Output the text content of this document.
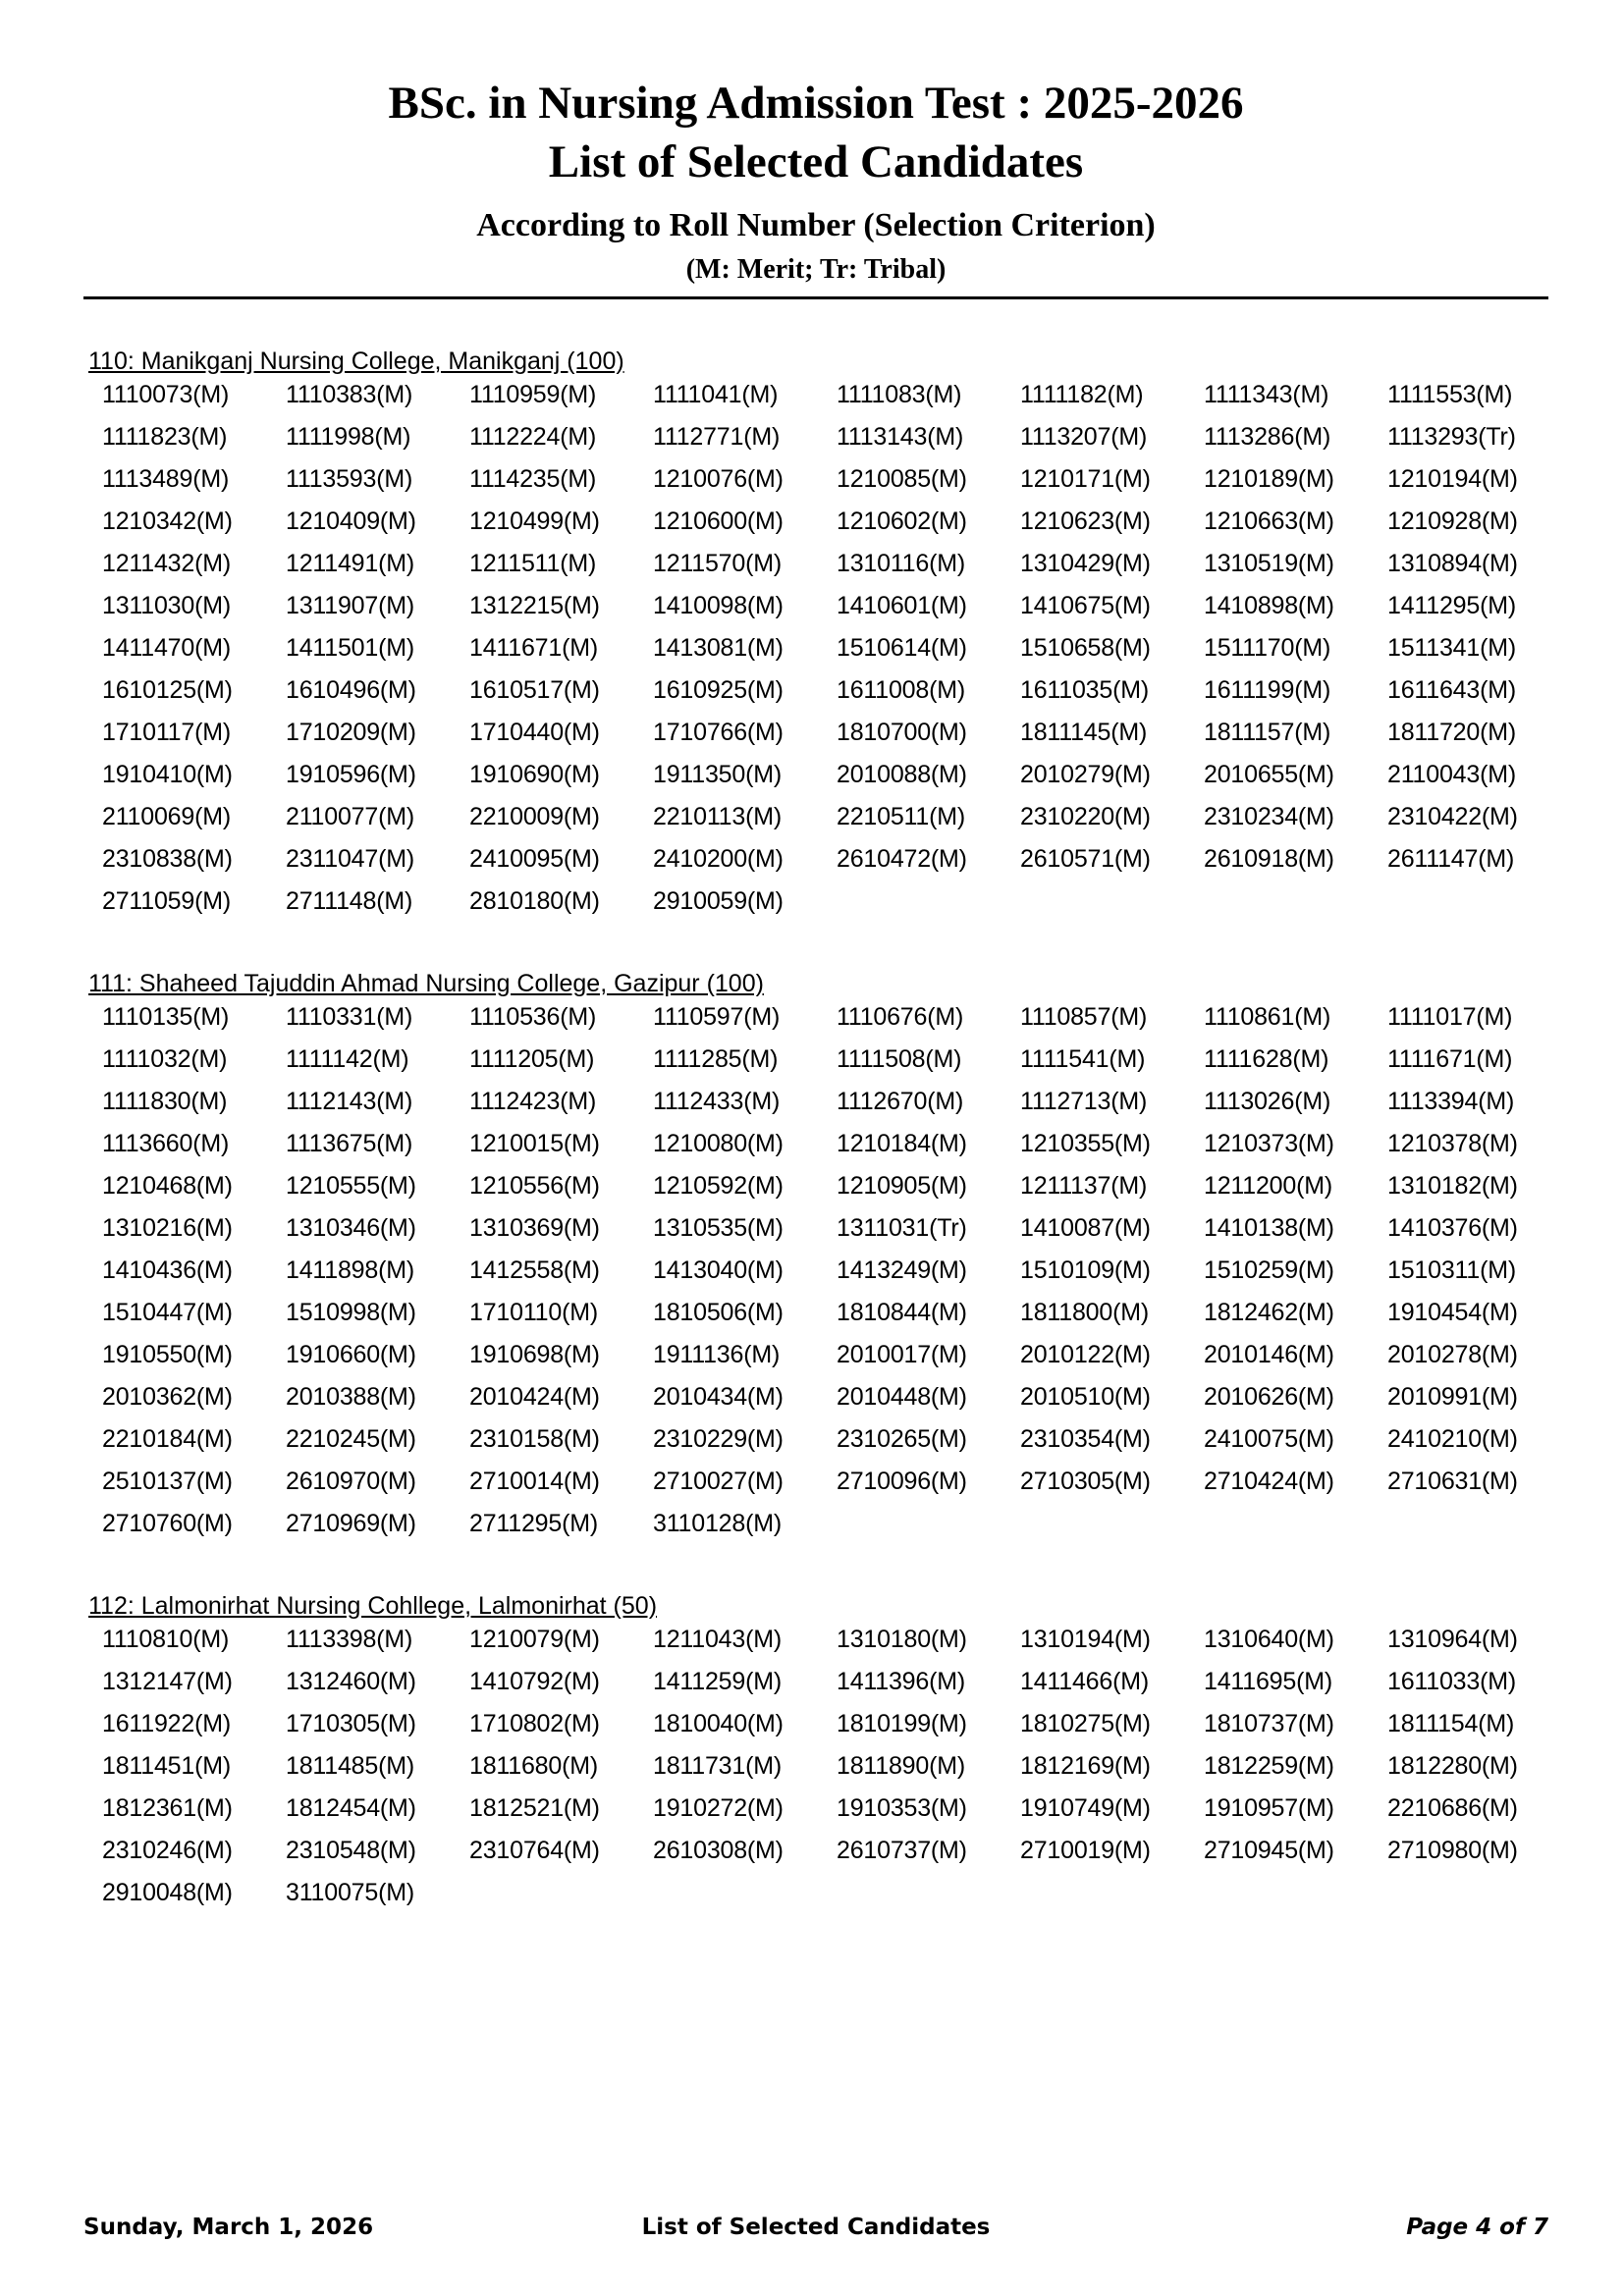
BSc. in Nursing Admission Test : 2025-2026
List of Selected Candidates
According to Roll Number (Selection Criterion)
(M: Merit; Tr: Tribal)
110: Manikganj Nursing College, Manikganj (100)
1110073(M)	1110383(M)	1110959(M)	1111041(M)	1111083(M)	1111182(M)	1111343(M)	1111553(M)
1111823(M)	1111998(M)	1112224(M)	1112771(M)	1113143(M)	1113207(M)	1113286(M)	1113293(Tr)
1113489(M)	1113593(M)	1114235(M)	1210076(M)	1210085(M)	1210171(M)	1210189(M)	1210194(M)
1210342(M)	1210409(M)	1210499(M)	1210600(M)	1210602(M)	1210623(M)	1210663(M)	1210928(M)
1211432(M)	1211491(M)	1211511(M)	1211570(M)	1310116(M)	1310429(M)	1310519(M)	1310894(M)
1311030(M)	1311907(M)	1312215(M)	1410098(M)	1410601(M)	1410675(M)	1410898(M)	1411295(M)
1411470(M)	1411501(M)	1411671(M)	1413081(M)	1510614(M)	1510658(M)	1511170(M)	1511341(M)
1610125(M)	1610496(M)	1610517(M)	1610925(M)	1611008(M)	1611035(M)	1611199(M)	1611643(M)
1710117(M)	1710209(M)	1710440(M)	1710766(M)	1810700(M)	1811145(M)	1811157(M)	1811720(M)
1910410(M)	1910596(M)	1910690(M)	1911350(M)	2010088(M)	2010279(M)	2010655(M)	2110043(M)
2110069(M)	2110077(M)	2210009(M)	2210113(M)	2210511(M)	2310220(M)	2310234(M)	2310422(M)
2310838(M)	2311047(M)	2410095(M)	2410200(M)	2610472(M)	2610571(M)	2610918(M)	2611147(M)
2711059(M)	2711148(M)	2810180(M)	2910059(M)
111: Shaheed Tajuddin Ahmad Nursing College, Gazipur (100)
1110135(M)	1110331(M)	1110536(M)	1110597(M)	1110676(M)	1110857(M)	1110861(M)	1111017(M)
1111032(M)	1111142(M)	1111205(M)	1111285(M)	1111508(M)	1111541(M)	1111628(M)	1111671(M)
1111830(M)	1112143(M)	1112423(M)	1112433(M)	1112670(M)	1112713(M)	1113026(M)	1113394(M)
1113660(M)	1113675(M)	1210015(M)	1210080(M)	1210184(M)	1210355(M)	1210373(M)	1210378(M)
1210468(M)	1210555(M)	1210556(M)	1210592(M)	1210905(M)	1211137(M)	1211200(M)	1310182(M)
1310216(M)	1310346(M)	1310369(M)	1310535(M)	1311031(Tr)	1410087(M)	1410138(M)	1410376(M)
1410436(M)	1411898(M)	1412558(M)	1413040(M)	1413249(M)	1510109(M)	1510259(M)	1510311(M)
1510447(M)	1510998(M)	1710110(M)	1810506(M)	1810844(M)	1811800(M)	1812462(M)	1910454(M)
1910550(M)	1910660(M)	1910698(M)	1911136(M)	2010017(M)	2010122(M)	2010146(M)	2010278(M)
2010362(M)	2010388(M)	2010424(M)	2010434(M)	2010448(M)	2010510(M)	2010626(M)	2010991(M)
2210184(M)	2210245(M)	2310158(M)	2310229(M)	2310265(M)	2310354(M)	2410075(M)	2410210(M)
2510137(M)	2610970(M)	2710014(M)	2710027(M)	2710096(M)	2710305(M)	2710424(M)	2710631(M)
2710760(M)	2710969(M)	2711295(M)	3110128(M)
112: Lalmonirhat Nursing Cohllege, Lalmonirhat (50)
1110810(M)	1113398(M)	1210079(M)	1211043(M)	1310180(M)	1310194(M)	1310640(M)	1310964(M)
1312147(M)	1312460(M)	1410792(M)	1411259(M)	1411396(M)	1411466(M)	1411695(M)	1611033(M)
1611922(M)	1710305(M)	1710802(M)	1810040(M)	1810199(M)	1810275(M)	1810737(M)	1811154(M)
1811451(M)	1811485(M)	1811680(M)	1811731(M)	1811890(M)	1812169(M)	1812259(M)	1812280(M)
1812361(M)	1812454(M)	1812521(M)	1910272(M)	1910353(M)	1910749(M)	1910957(M)	2210686(M)
2310246(M)	2310548(M)	2310764(M)	2610308(M)	2610737(M)	2710019(M)	2710945(M)	2710980(M)
2910048(M)	3110075(M)
Sunday, March 1, 2026	List of Selected Candidates	Page 4 of 7
